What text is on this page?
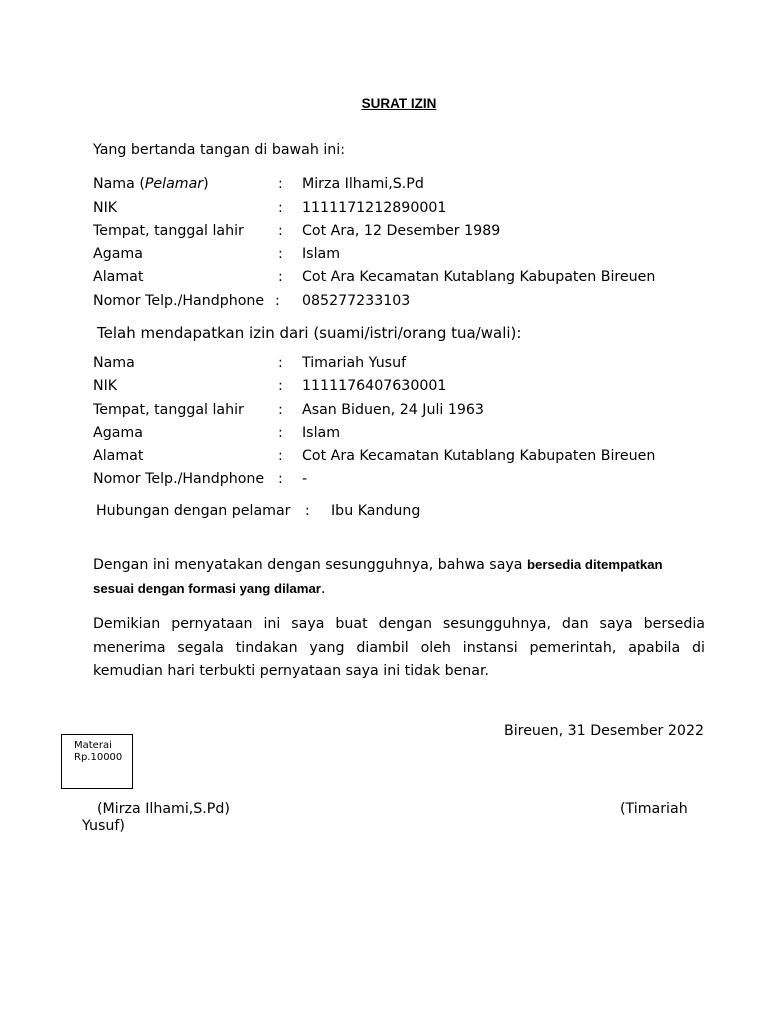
SURAT IZIN
Yang bertanda tangan di bawah ini:
Nama (Pelamar)	: Mirza Ilhami,S.Pd
NIK	: 1111171212890001
Tempat, tanggal lahir : Cot Ara, 12 Desember 1989
Agama	: Islam
Alamat	: Cot Ara Kecamatan Kutablang Kabupaten Bireuen
Nomor Telp./Handphone : 085277233103
Telah mendapatkan izin dari (suami/istri/orang tua/wali):
Nama	: Timariah Yusuf
NIK	: 1111176407630001
Tempat, tanggal lahir : Asan Biduen, 24 Juli 1963
Agama	: Islam
Alamat	: Cot Ara Kecamatan Kutablang Kabupaten Bireuen
Nomor Telp./Handphone : -
Hubungan dengan pelamar : Ibu Kandung
Dengan ini menyatakan dengan sesungguhnya, bahwa saya bersedia ditempatkan
sesuai dengan formasi yang dilamar.
Demikian pernyataan ini saya buat dengan sesungguhnya, dan saya bersedia
menerima segala tindakan yang diambil oleh instansi pemerintah, apabila di
kemudian hari terbukti pernyataan saya ini tidak benar.
Bireuen, 31 Desember 2022
Materai
Rp.10000
(Mirza Ilhami,S.Pd)	(Timariah
Yusuf)
